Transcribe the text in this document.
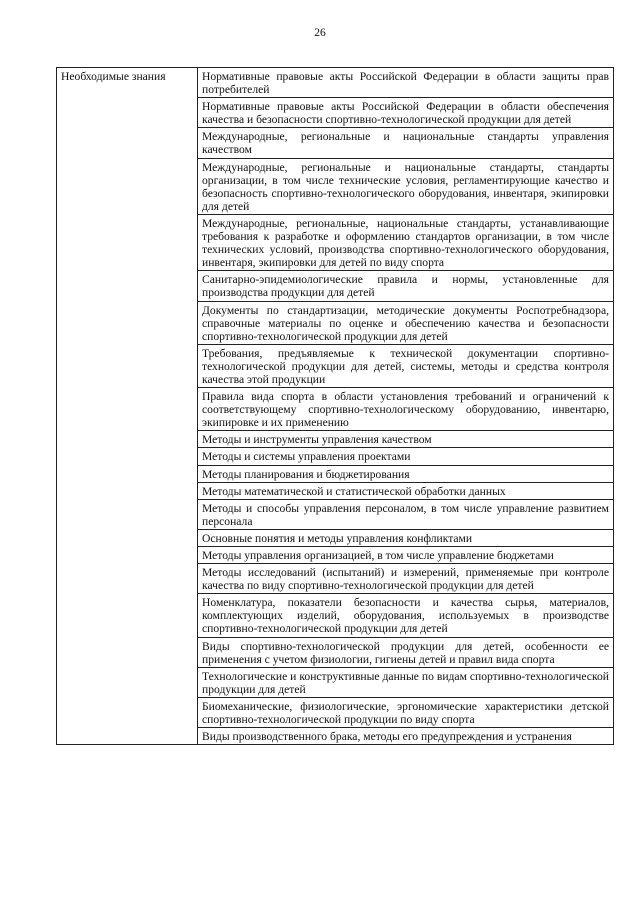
26
Необходимые знания	Нормативные правовые акты Российской Федерации в области защиты прав потребителей
Нормативные правовые акты Российской Федерации в области обеспечения качества и безопасности спортивно-технологической продукции для детей
Международные, региональные и национальные стандарты управления качеством
Международные, региональные и национальные стандарты, стандарты организации, в том числе технические условия, регламентирующие качество и безопасность спортивно-технологического оборудования, инвентаря, экипировки для детей
Международные, региональные, национальные стандарты, устанавливающие требования к разработке и оформлению стандартов организации, в том числе технических условий, производства спортивно-технологического оборудования, инвентаря, экипировки для детей по виду спорта
Санитарно-эпидемиологические правила и нормы, установленные для производства продукции для детей
Документы по стандартизации, методические документы Роспотребнадзора, справочные материалы по оценке и обеспечению качества и безопасности спортивно-технологической продукции для детей
Требования, предъявляемые к технической документации спортивно-технологической продукции для детей, системы, методы и средства контроля качества этой продукции
Правила вида спорта в области установления требований и ограничений к соответствующему спортивно-технологическому оборудованию, инвентарю, экипировке и их применению
Методы и инструменты управления качеством
Методы и системы управления проектами
Методы планирования и бюджетирования
Методы математической и статистической обработки данных
Методы и способы управления персоналом, в том числе управление развитием персонала
Основные понятия и методы управления конфликтами
Методы управления организацией, в том числе управление бюджетами
Методы исследований (испытаний) и измерений, применяемые при контроле качества по виду спортивно-технологической продукции для детей
Номенклатура, показатели безопасности и качества сырья, материалов, комплектующих изделий, оборудования, используемых в производстве спортивно-технологической продукции для детей
Виды спортивно-технологической продукции для детей, особенности ее применения с учетом физиологии, гигиены детей и правил вида спорта
Технологические и конструктивные данные по видам спортивно-технологической продукции для детей
Биомеханические, физиологические, эргономические характеристики детской спортивно-технологической продукции по виду спорта
Виды производственного брака, методы его предупреждения и устранения
